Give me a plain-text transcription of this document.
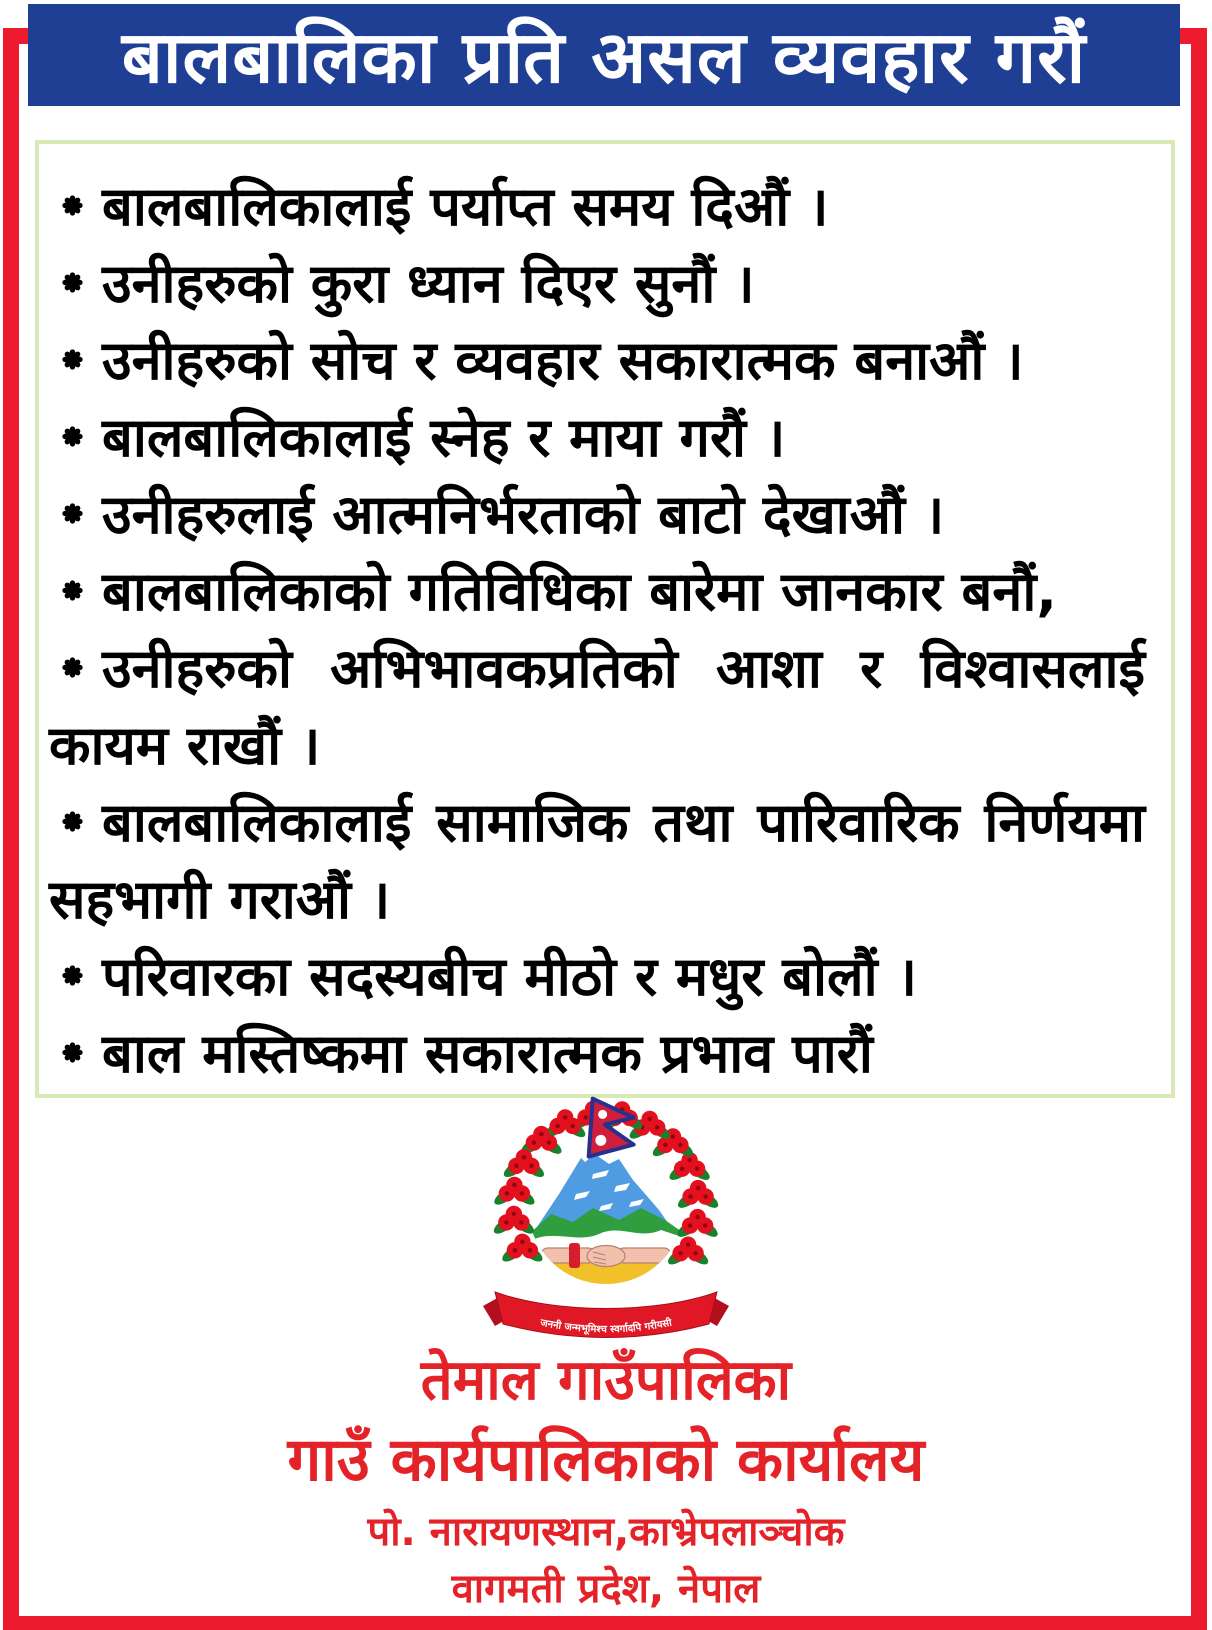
बालबालिका प्रति असल व्यवहार गरौं
बालबालिकालाई पर्याप्त समय दिऔं ।
उनीहरुको कुरा ध्यान दिएर सुनौं ।
उनीहरुको सोच र व्यवहार सकारात्मक बनाऔं ।
बालबालिकालाई स्नेह र माया गरौं ।
उनीहरुलाई आत्मनिर्भरताको बाटो देखाऔं ।
बालबालिकाको गतिविधिका बारेमा जानकार बनौं,
उनीहरुको अभिभावकप्रतिको आशा र विश्वासलाई कायम राखौं ।
बालबालिकालाई सामाजिक तथा पारिवारिक निर्णयमा सहभागी गराऔं ।
परिवारका सदस्यबीच मीठो र मधुर बोलौं ।
बाल मस्तिष्कमा सकारात्मक प्रभाव पारौं
जननी जन्मभूमिश्च स्वर्गादपि गरीयसी
तेमाल गाउँपालिका
गाउँ कार्यपालिकाको कार्यालय
पो. नारायणस्थान,काभ्रेपलाञ्चोक
वागमती प्रदेश, नेपाल
